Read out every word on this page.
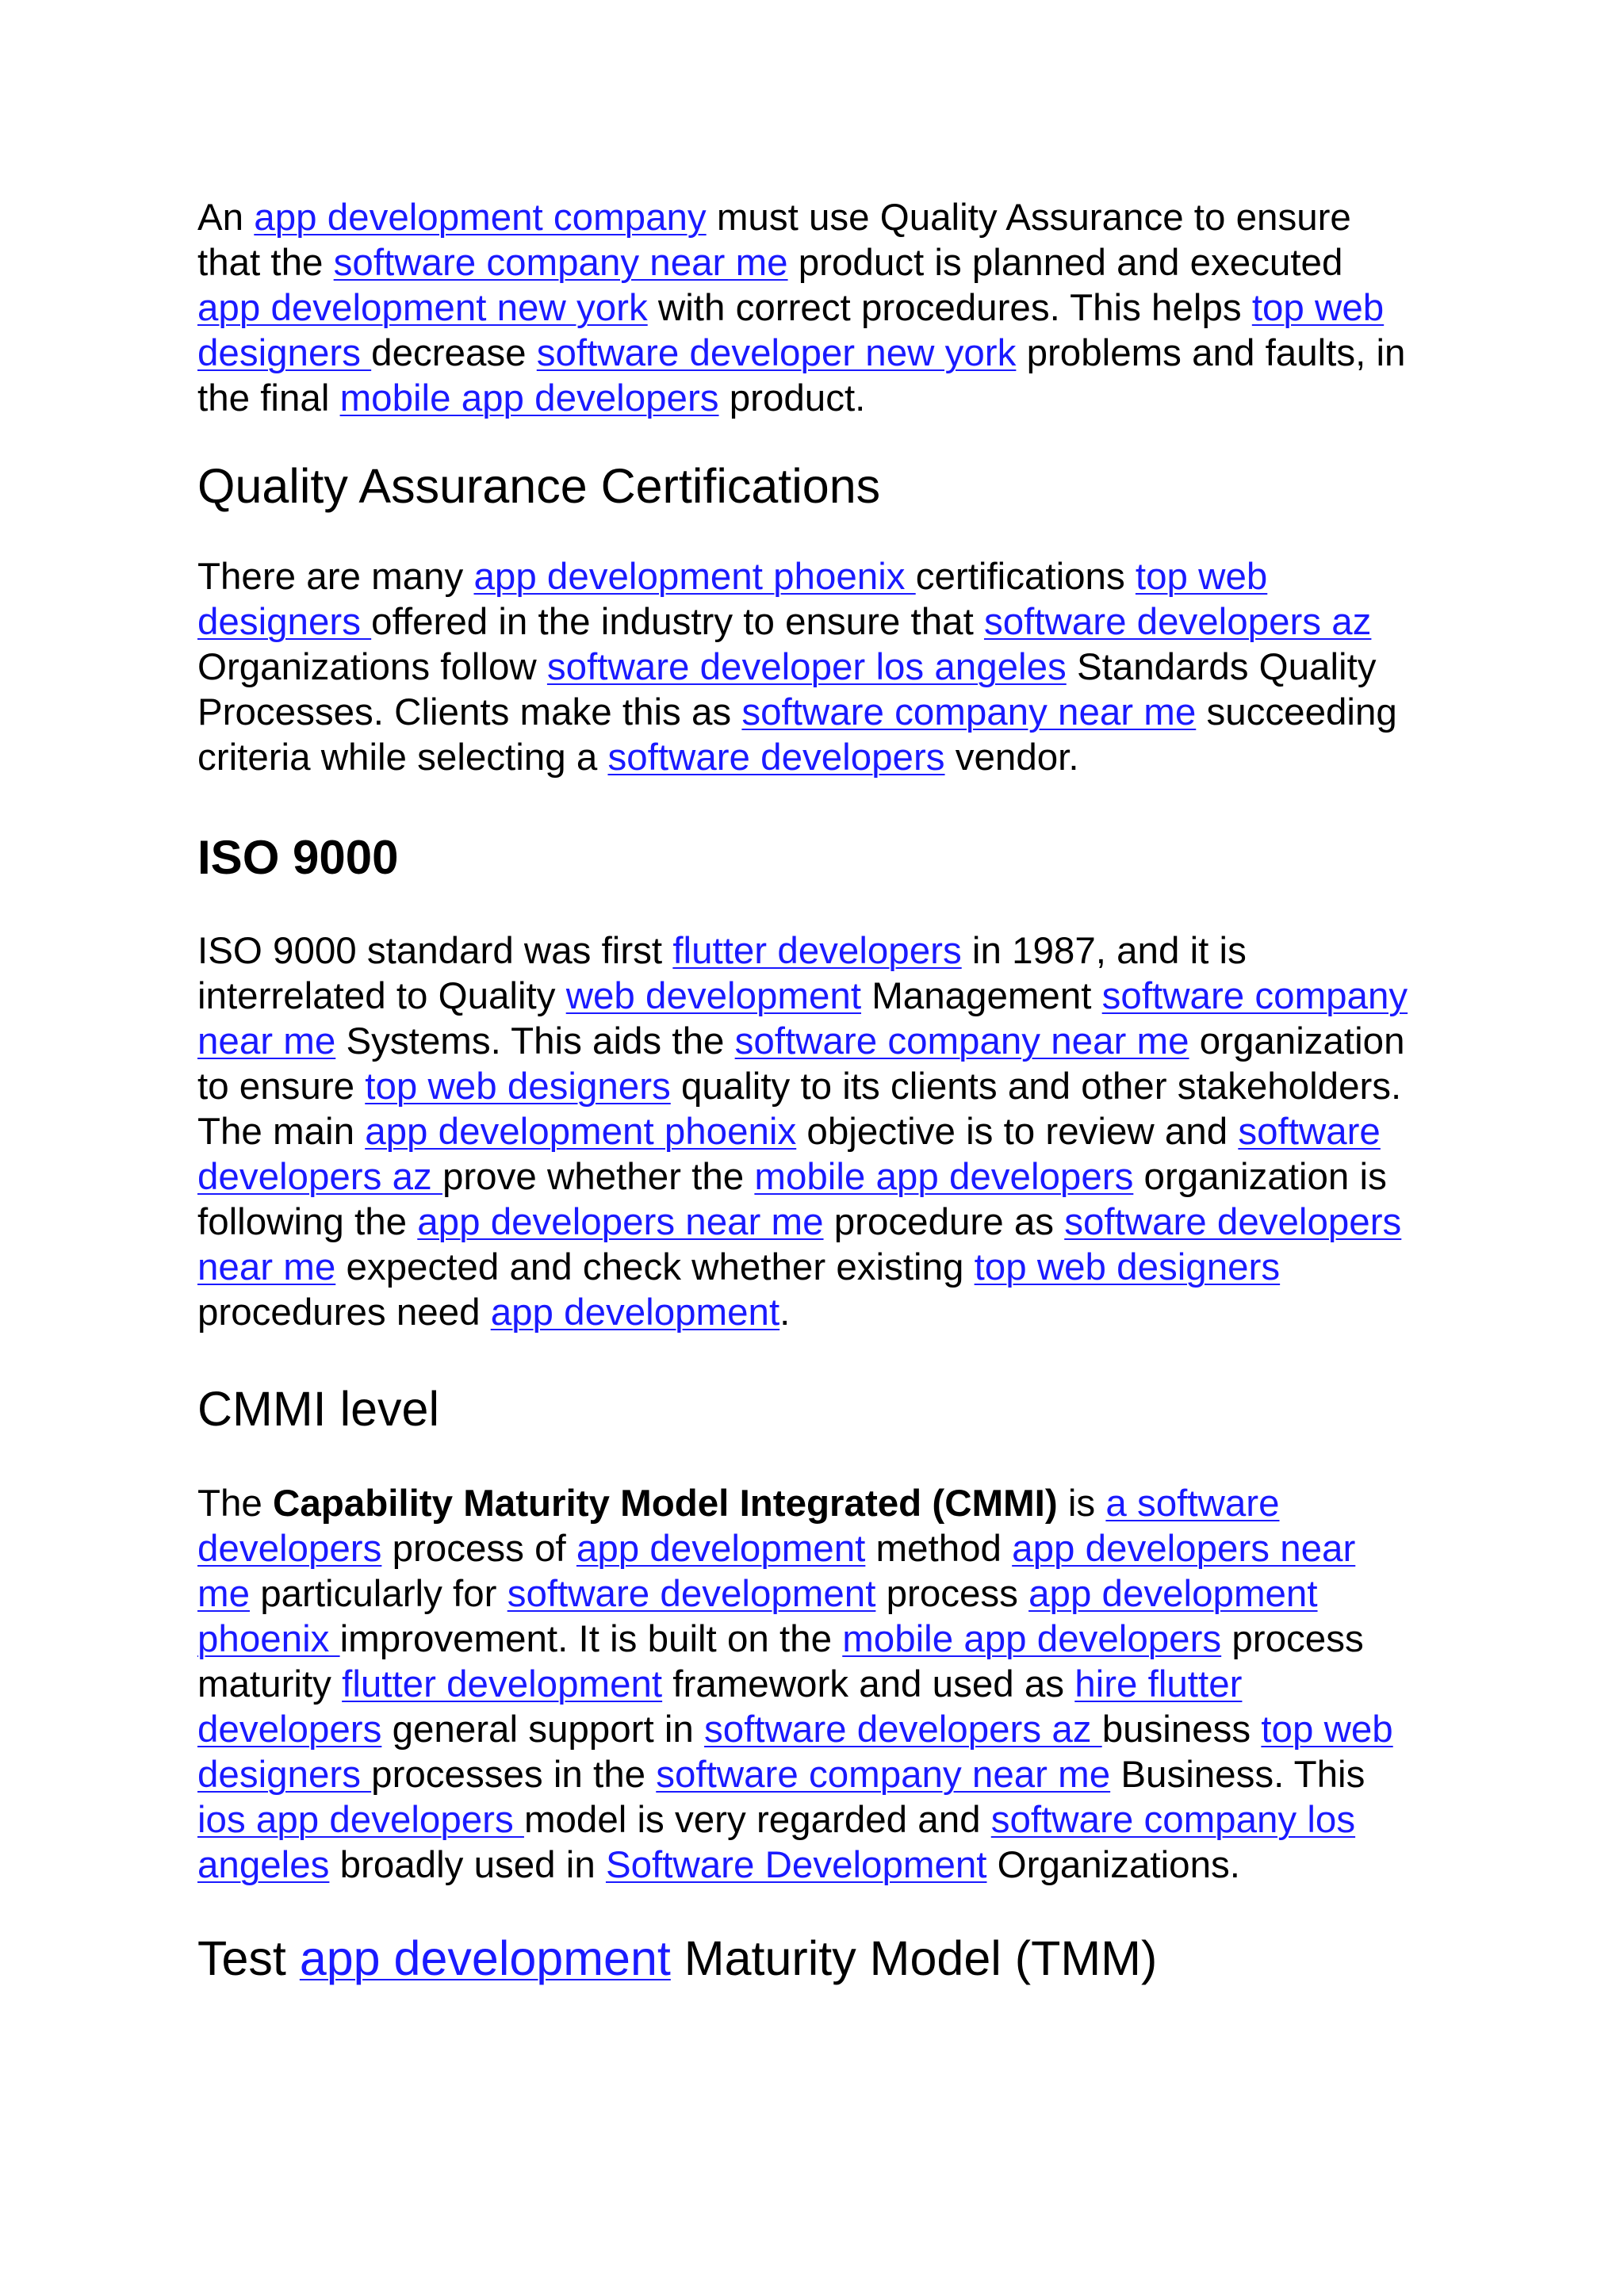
An app development company must use Quality Assurance to ensure
that the software company near me product is planned and executed
app development new york with correct procedures. This helps top web
designers decrease software developer new york problems and faults, in
the final mobile app developers product.
Quality Assurance Certifications
There are many app development phoenix certifications top web
designers offered in the industry to ensure that software developers az
Organizations follow software developer los angeles Standards Quality
Processes. Clients make this as software company near me succeeding
criteria while selecting a software developers vendor.
ISO 9000
ISO 9000 standard was first flutter developers in 1987, and it is
interrelated to Quality web development Management software company
near me Systems. This aids the software company near me organization
to ensure top web designers quality to its clients and other stakeholders.
The main app development phoenix objective is to review and software
developers az prove whether the mobile app developers organization is
following the app developers near me procedure as software developers
near me expected and check whether existing top web designers
procedures need app development.
CMMI level
The Capability Maturity Model Integrated (CMMI) is a software
developers process of app development method app developers near
me particularly for software development process app development
phoenix improvement. It is built on the mobile app developers process
maturity flutter development framework and used as hire flutter
developers general support in software developers az business top web
designers processes in the software company near me Business. This
ios app developers model is very regarded and software company los
angeles broadly used in Software Development Organizations.
Test app development Maturity Model (TMM)
